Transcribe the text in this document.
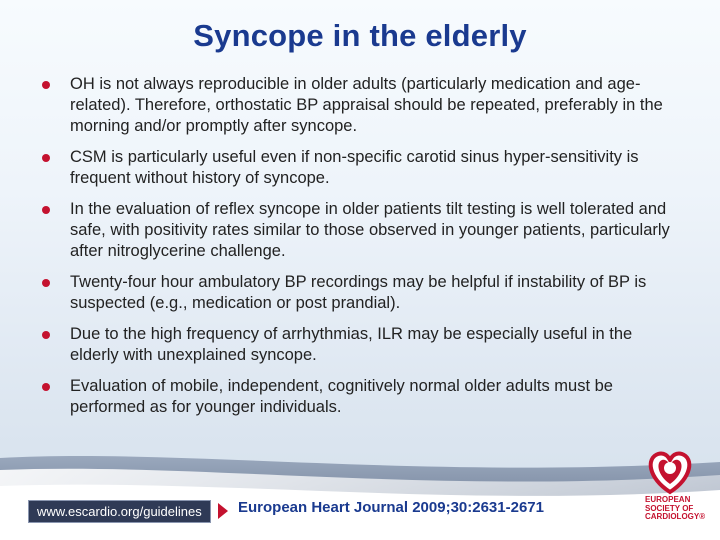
Syncope in the elderly
OH is not always reproducible in older adults (particularly medication and age-related). Therefore, orthostatic BP appraisal should be repeated, preferably in the morning and/or promptly after syncope.
CSM is particularly useful even if non-specific carotid sinus hyper-sensitivity is frequent without history of syncope.
In the evaluation of reflex syncope in older patients tilt testing is well tolerated and safe, with positivity rates similar to those observed in younger patients, particularly after nitroglycerine challenge.
Twenty-four hour ambulatory BP recordings may be helpful if instability of BP is suspected (e.g., medication or post prandial).
Due to the high frequency of arrhythmias, ILR may be especially useful in the elderly with unexplained syncope.
Evaluation of mobile, independent, cognitively normal older adults must be performed as for younger individuals.
www.escardio.org/guidelines	European Heart Journal 2009;30:2631-2671	EUROPEAN
SOCIETY OF
CARDIOLOGY®
